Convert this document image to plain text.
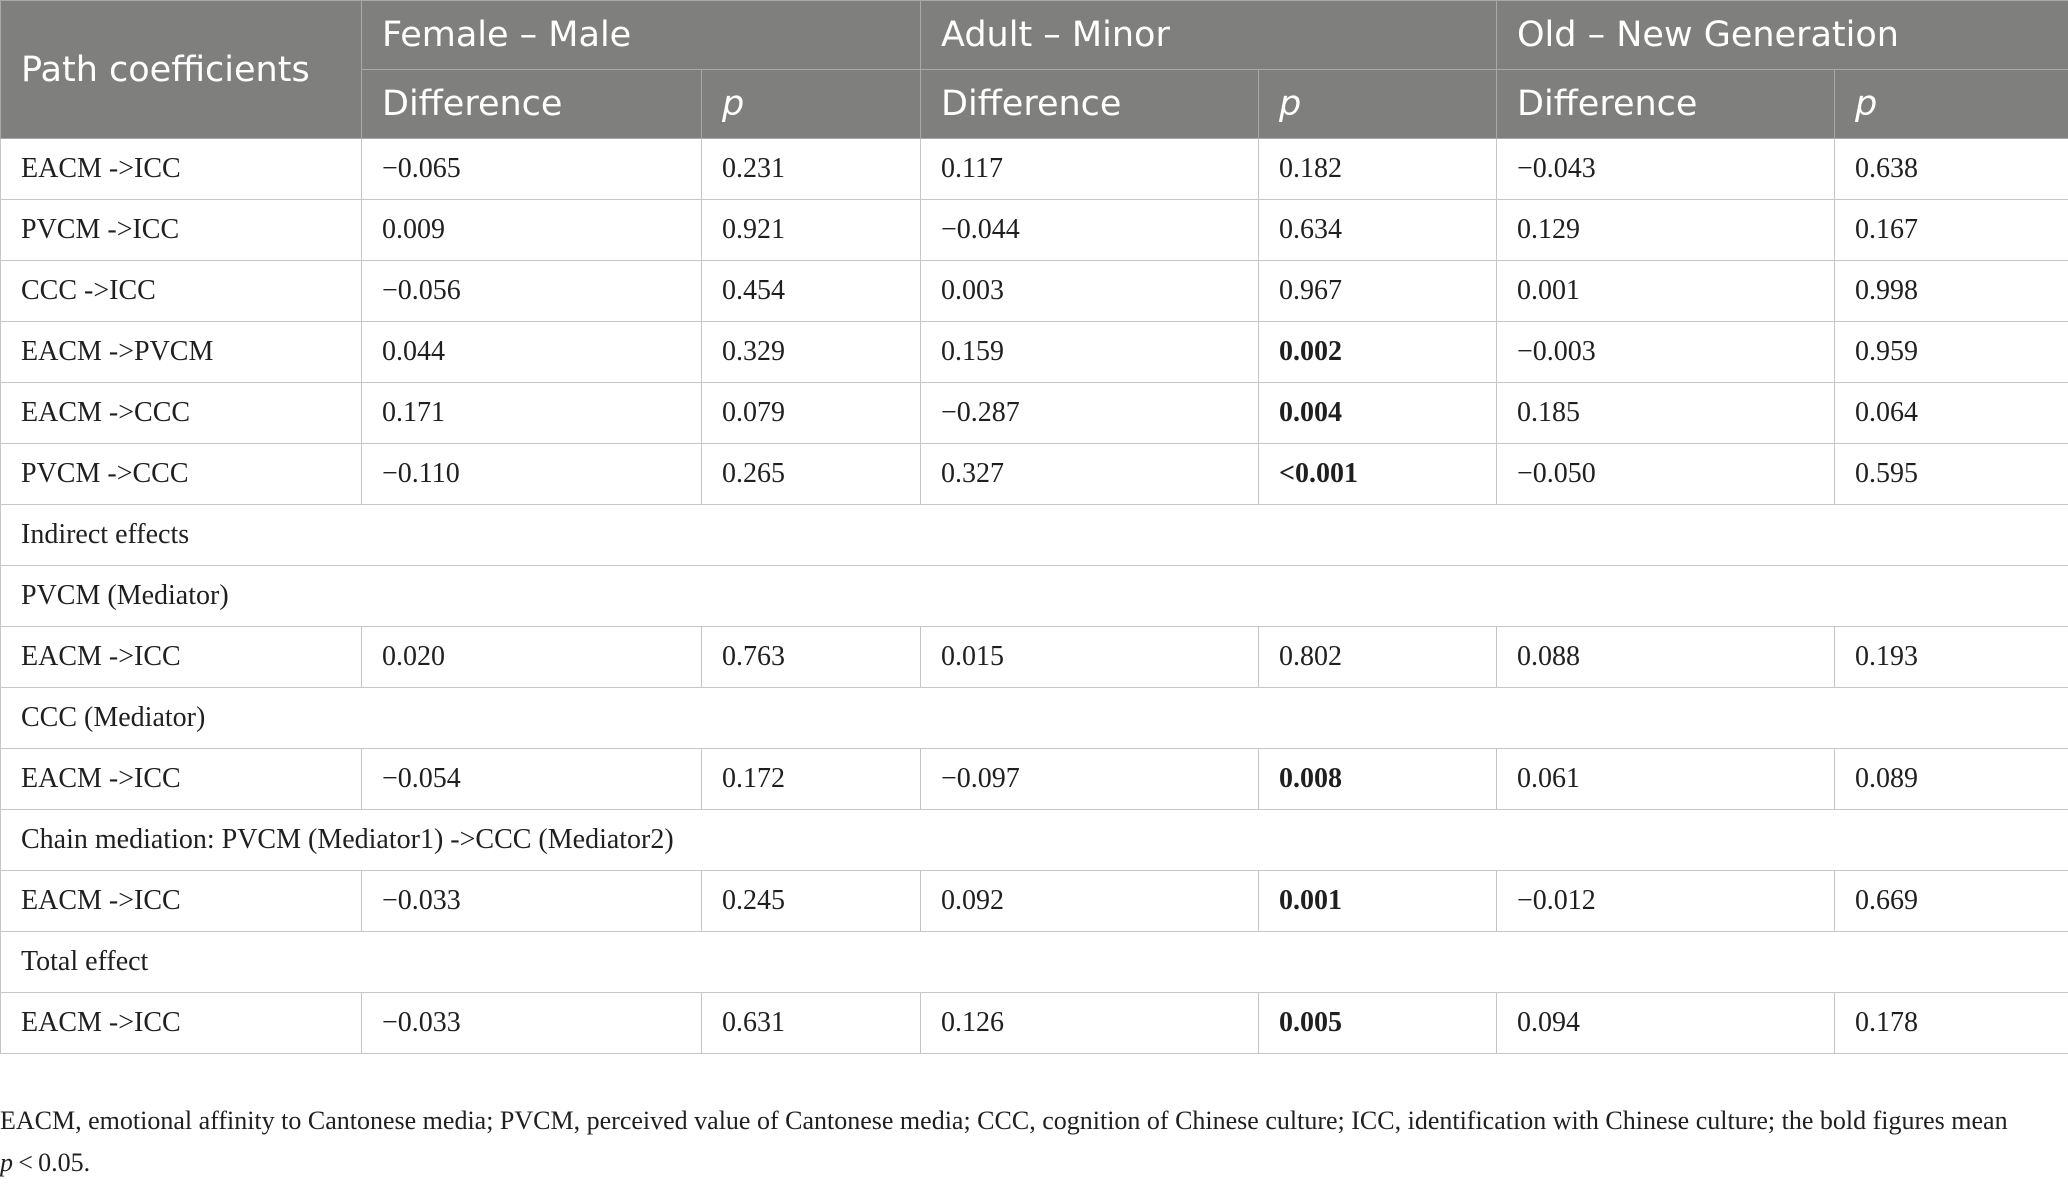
Path coefficients	Female – Male		Adult – Minor		Old – New Generation	
	Difference	p	Difference	p	Difference	p
EACM ->ICC	−0.065	0.231	0.117	0.182	−0.043	0.638
PVCM ->ICC	0.009	0.921	−0.044	0.634	0.129	0.167
CCC ->ICC	−0.056	0.454	0.003	0.967	0.001	0.998
EACM ->PVCM	0.044	0.329	0.159	0.002	−0.003	0.959
EACM ->CCC	0.171	0.079	−0.287	0.004	0.185	0.064
PVCM ->CCC	−0.110	0.265	0.327	<0.001	−0.050	0.595
Indirect effects						
PVCM (Mediator)						
EACM ->ICC	0.020	0.763	0.015	0.802	0.088	0.193
CCC (Mediator)						
EACM ->ICC	−0.054	0.172	−0.097	0.008	0.061	0.089
Chain mediation: PVCM (Mediator1) ->CCC (Mediator2)						
EACM ->ICC	−0.033	0.245	0.092	0.001	−0.012	0.669
Total effect						
EACM ->ICC	−0.033	0.631	0.126	0.005	0.094	0.178
EACM, emotional affinity to Cantonese media; PVCM, perceived value of Cantonese media; CCC, cognition of Chinese culture; ICC, identification with Chinese culture; the bold figures mean
p < 0.05.
